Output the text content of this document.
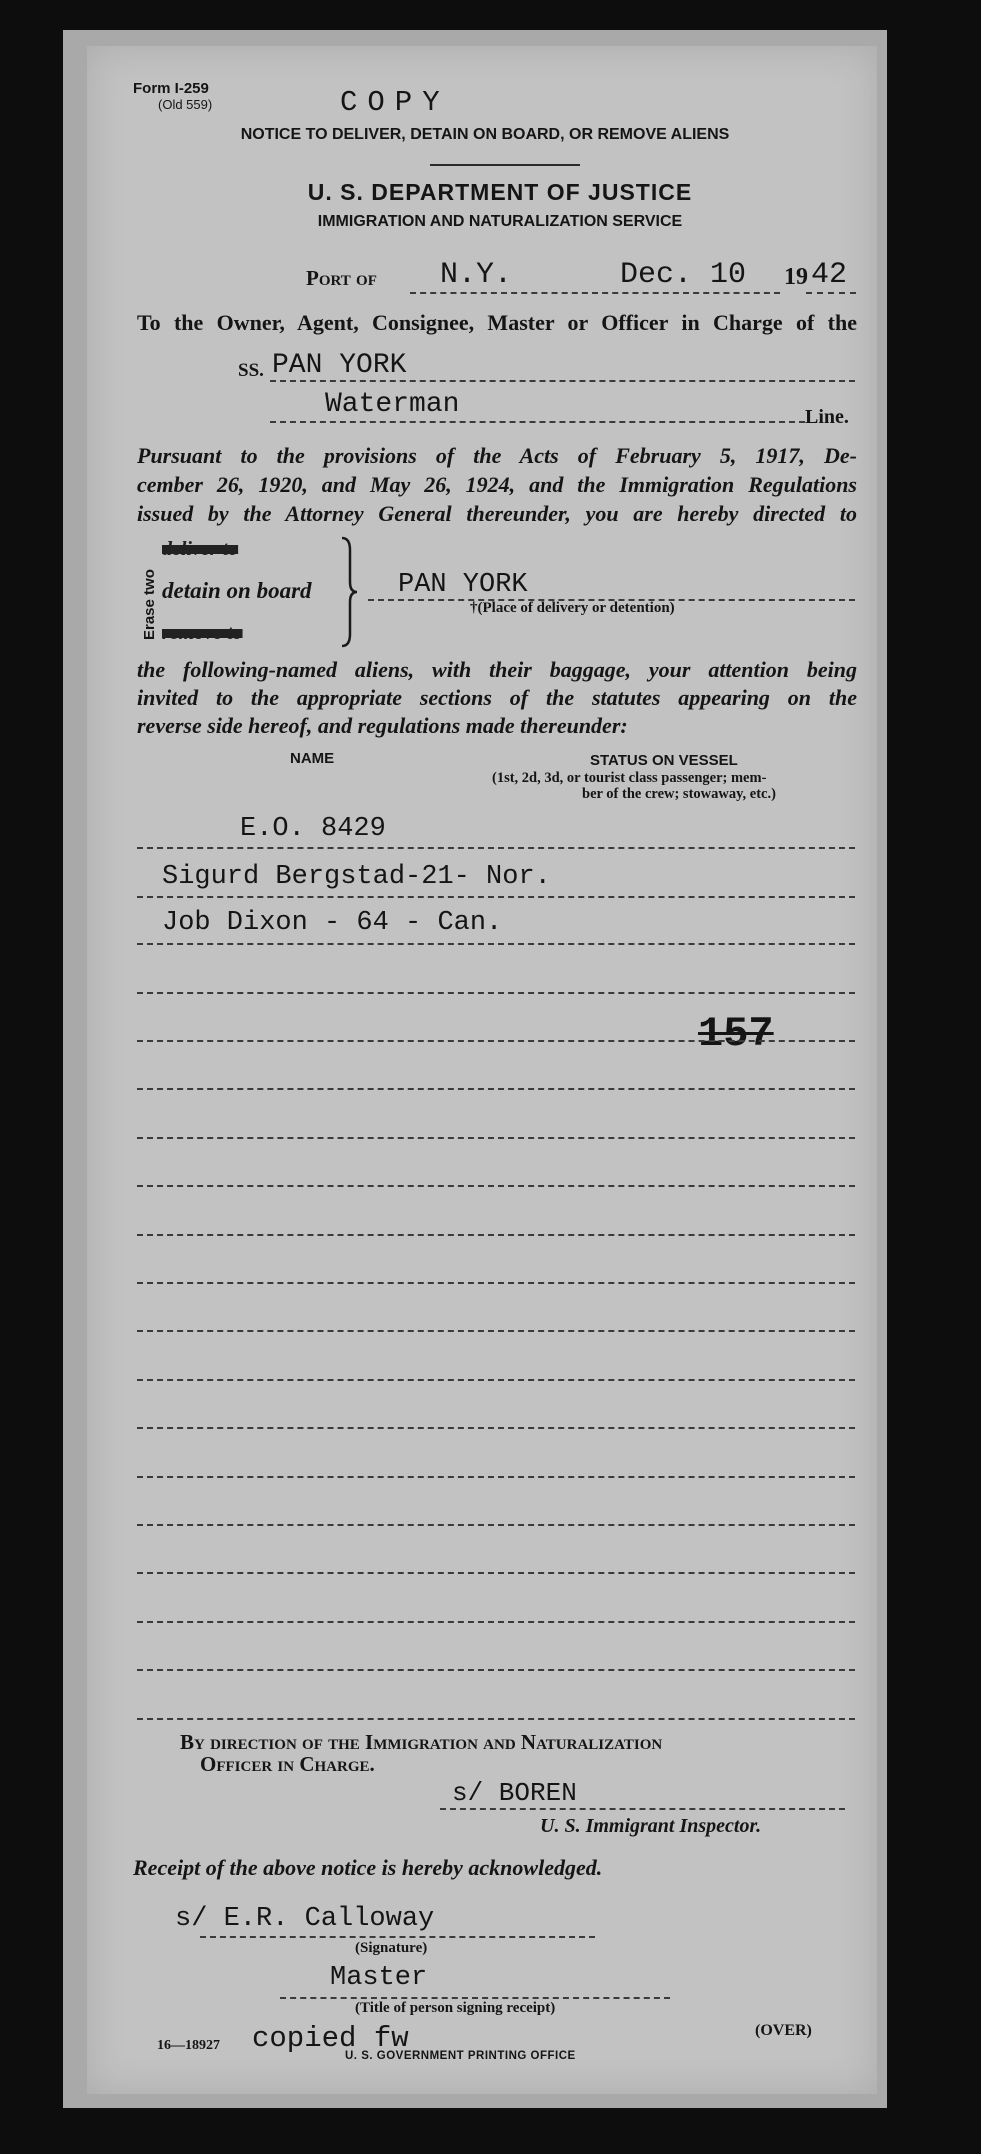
Form I-259
(Old 559)	COPY
NOTICE TO DELIVER, DETAIN ON BOARD, OR REMOVE ALIENS
U. S. DEPARTMENT OF JUSTICE
IMMIGRATION AND NATURALIZATION SERVICE
Port of N.Y.	Dec. 10 19 42
To the Owner, Agent, Consignee, Master or Officer in Charge of the
SS. PAN YORK
Waterman	Line.
Pursuant to the provisions of the Acts of February 5, 1917, De-
cember 26, 1920, and May 26, 1924, and the Immigration Regulations
issued by the Attorney General thereunder, you are hereby directed to
Erase two
deliver to
detain on board
remove to
PAN YORK
†(Place of delivery or detention)
the following-named aliens, with their baggage, your attention being
invited to the appropriate sections of the statutes appearing on the
reverse side hereof, and regulations made thereunder:
NAME	STATUS ON VESSEL
(1st, 2d, 3d, or tourist class passenger; mem-
ber of the crew; stowaway, etc.)
E.O. 8429
Sigurd Bergstad-21- Nor.
Job Dixon - 64 - Can.
157
By direction of the Immigration and Naturalization
Officer in Charge.
s/ BOREN
U. S. Immigrant Inspector.
Receipt of the above notice is hereby acknowledged.
s/ E.R. Calloway
(Signature)
Master
(Title of person signing receipt)
16—18927 copied fw
U. S. GOVERNMENT PRINTING OFFICE
(OVER)
